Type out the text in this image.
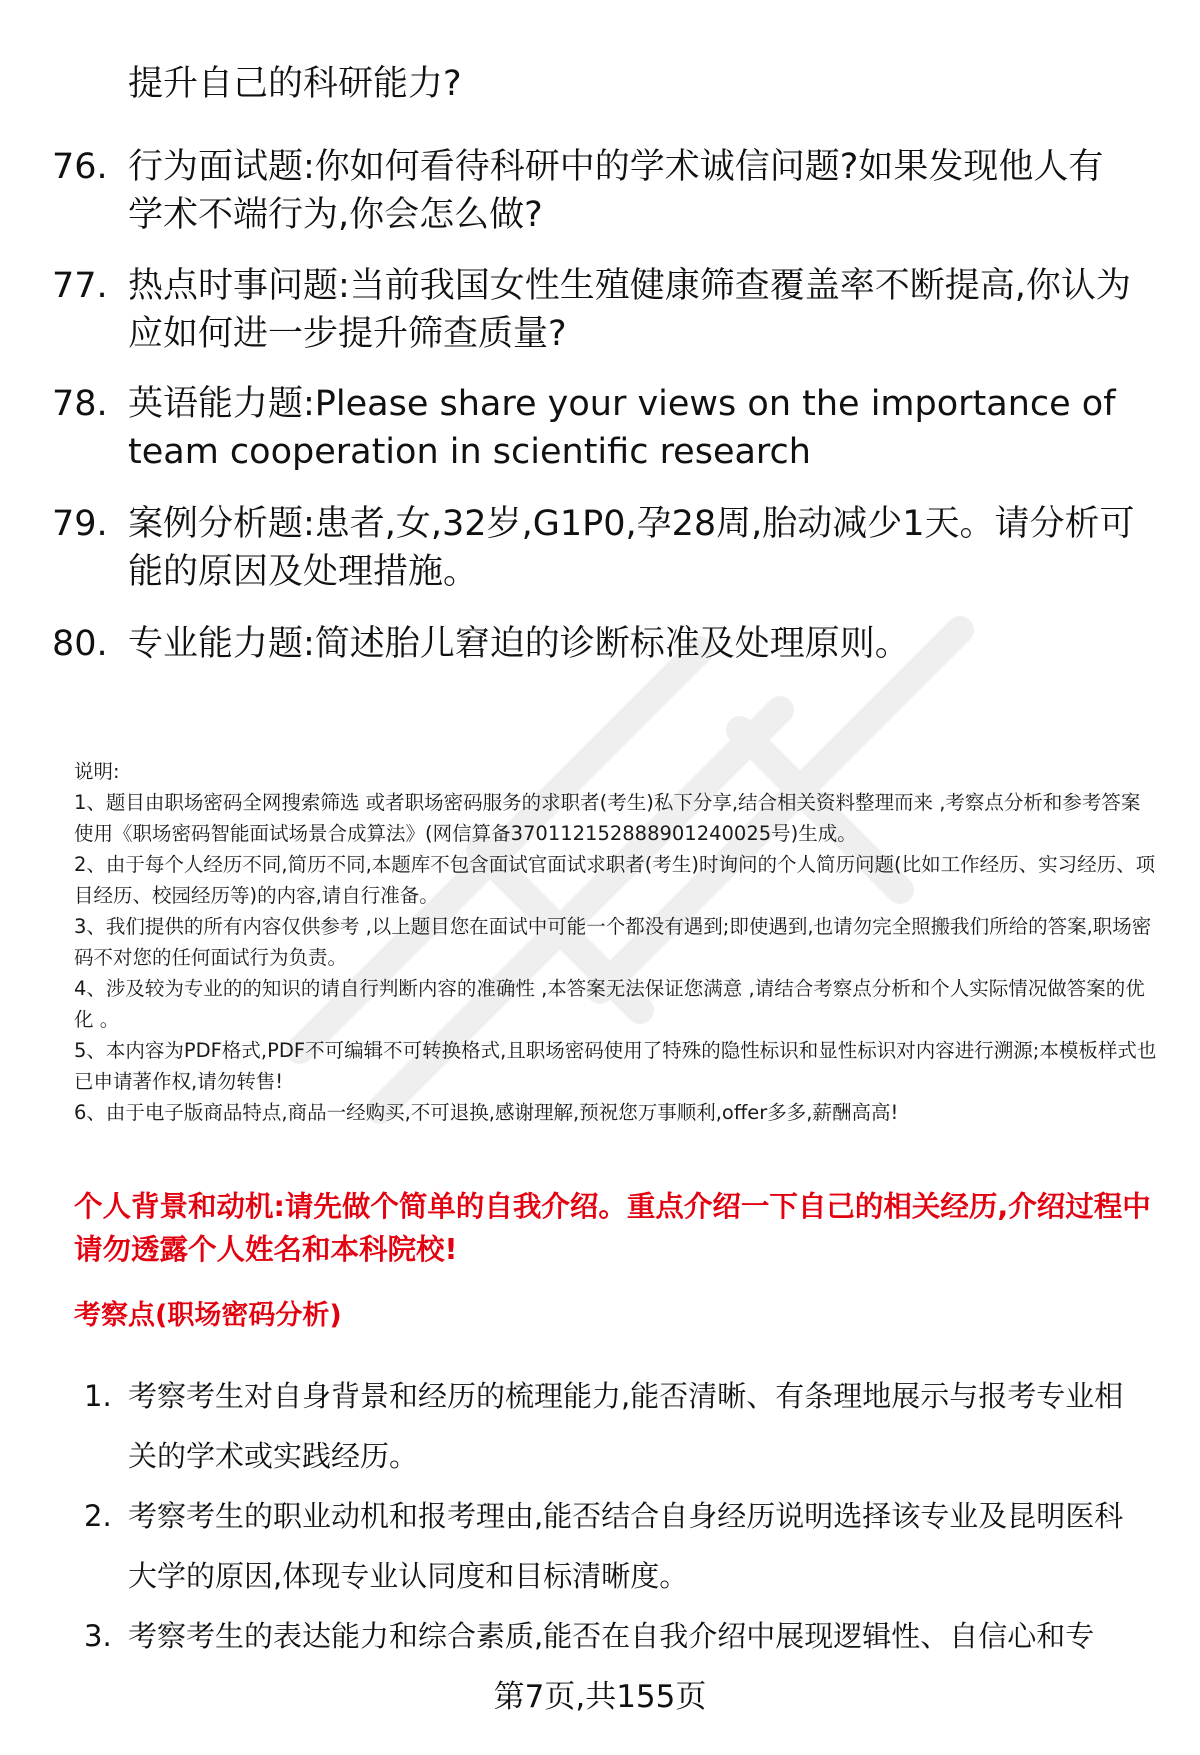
提升自己的科研能力?
76. 行为面试题:你如何看待科研中的学术诚信问题?如果发现他人有学术不端行为,你会怎么做?
77. 热点时事问题:当前我国女性生殖健康筛查覆盖率不断提高,你认为应如何进一步提升筛查质量?
78. 英语能力题:Please share your views on the importance of team cooperation in scientific research
79. 案例分析题:患者,女,32岁,G1P0,孕28周,胎动减少1天。请分析可能的原因及处理措施。
80. 专业能力题:简述胎儿窘迫的诊断标准及处理原则。

说明:

1、题目由职场密码全网搜索筛选 或者职场密码服务的求职者(考生)私下分享,结合相关资料整理而来 ,考察点分析和参考答案使用《职场密码智能面试场景合成算法》(网信算备370112152888901240025号)生成。

2、由于每个人经历不同,简历不同,本题库不包含面试官面试求职者(考生)时询问的个人简历问题(比如工作经历、实习经历、项目经历、校园经历等)的内容,请自行准备。

3、我们提供的所有内容仅供参考 ,以上题目您在面试中可能一个都没有遇到;即使遇到,也请勿完全照搬我们所给的答案,职场密码不对您的任何面试行为负责。

4、涉及较为专业的的知识的请自行判断内容的准确性 ,本答案无法保证您满意 ,请结合考察点分析和个人实际情况做答案的优化 。

5、本内容为PDF格式,PDF不可编辑不可转换格式,且职场密码使用了特殊的隐性标识和显性标识对内容进行溯源;本模板样式也已申请著作权,请勿转售!

6、由于电子版商品特点,商品一经购买,不可退换,感谢理解,预祝您万事顺利,offer多多,薪酬高高!

个人背景和动机:请先做个简单的自我介绍。重点介绍一下自己的相关经历,介绍过程中请勿透露个人姓名和本科院校!
考察点(职场密码分析)
1. 考察考生对自身背景和经历的梳理能力,能否清晰、有条理地展示与报考专业相关的学术或实践经历。
2. 考察考生的职业动机和报考理由,能否结合自身经历说明选择该专业及昆明医科大学的原因,体现专业认同度和目标清晰度。
3. 考察考生的表达能力和综合素质,能否在自我介绍中展现逻辑性、自信心和专
第7页,共155页
